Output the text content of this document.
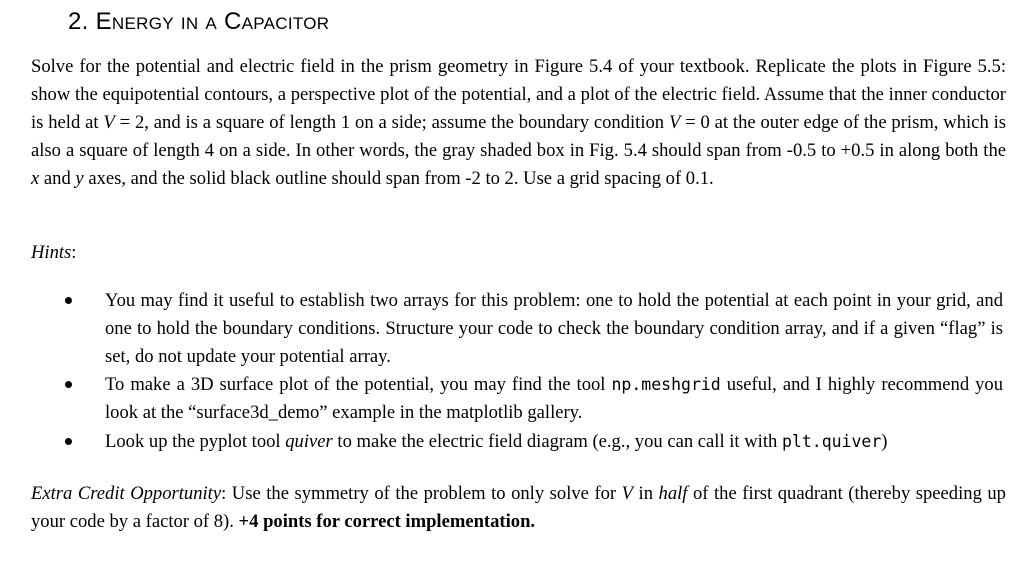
2. Energy in a Capacitor
Solve for the potential and electric field in the prism geometry in Figure 5.4 of your textbook. Replicate the plots in Figure 5.5: show the equipotential contours, a perspective plot of the potential, and a plot of the electric field. Assume that the inner conductor is held at V = 2, and is a square of length 1 on a side; assume the boundary condition V = 0 at the outer edge of the prism, which is also a square of length 4 on a side. In other words, the gray shaded box in Fig. 5.4 should span from -0.5 to +0.5 in along both the x and y axes, and the solid black outline should span from -2 to 2. Use a grid spacing of 0.1.
Hints:
You may find it useful to establish two arrays for this problem: one to hold the potential at each point in your grid, and one to hold the boundary conditions. Structure your code to check the boundary condition array, and if a given “flag” is set, do not update your potential array.
To make a 3D surface plot of the potential, you may find the tool np.meshgrid useful, and I highly recommend you look at the “surface3d_demo” example in the matplotlib gallery.
Look up the pyplot tool quiver to make the electric field diagram (e.g., you can call it with plt.quiver)
Extra Credit Opportunity: Use the symmetry of the problem to only solve for V in half of the first quadrant (thereby speeding up your code by a factor of 8). +4 points for correct implementation.
